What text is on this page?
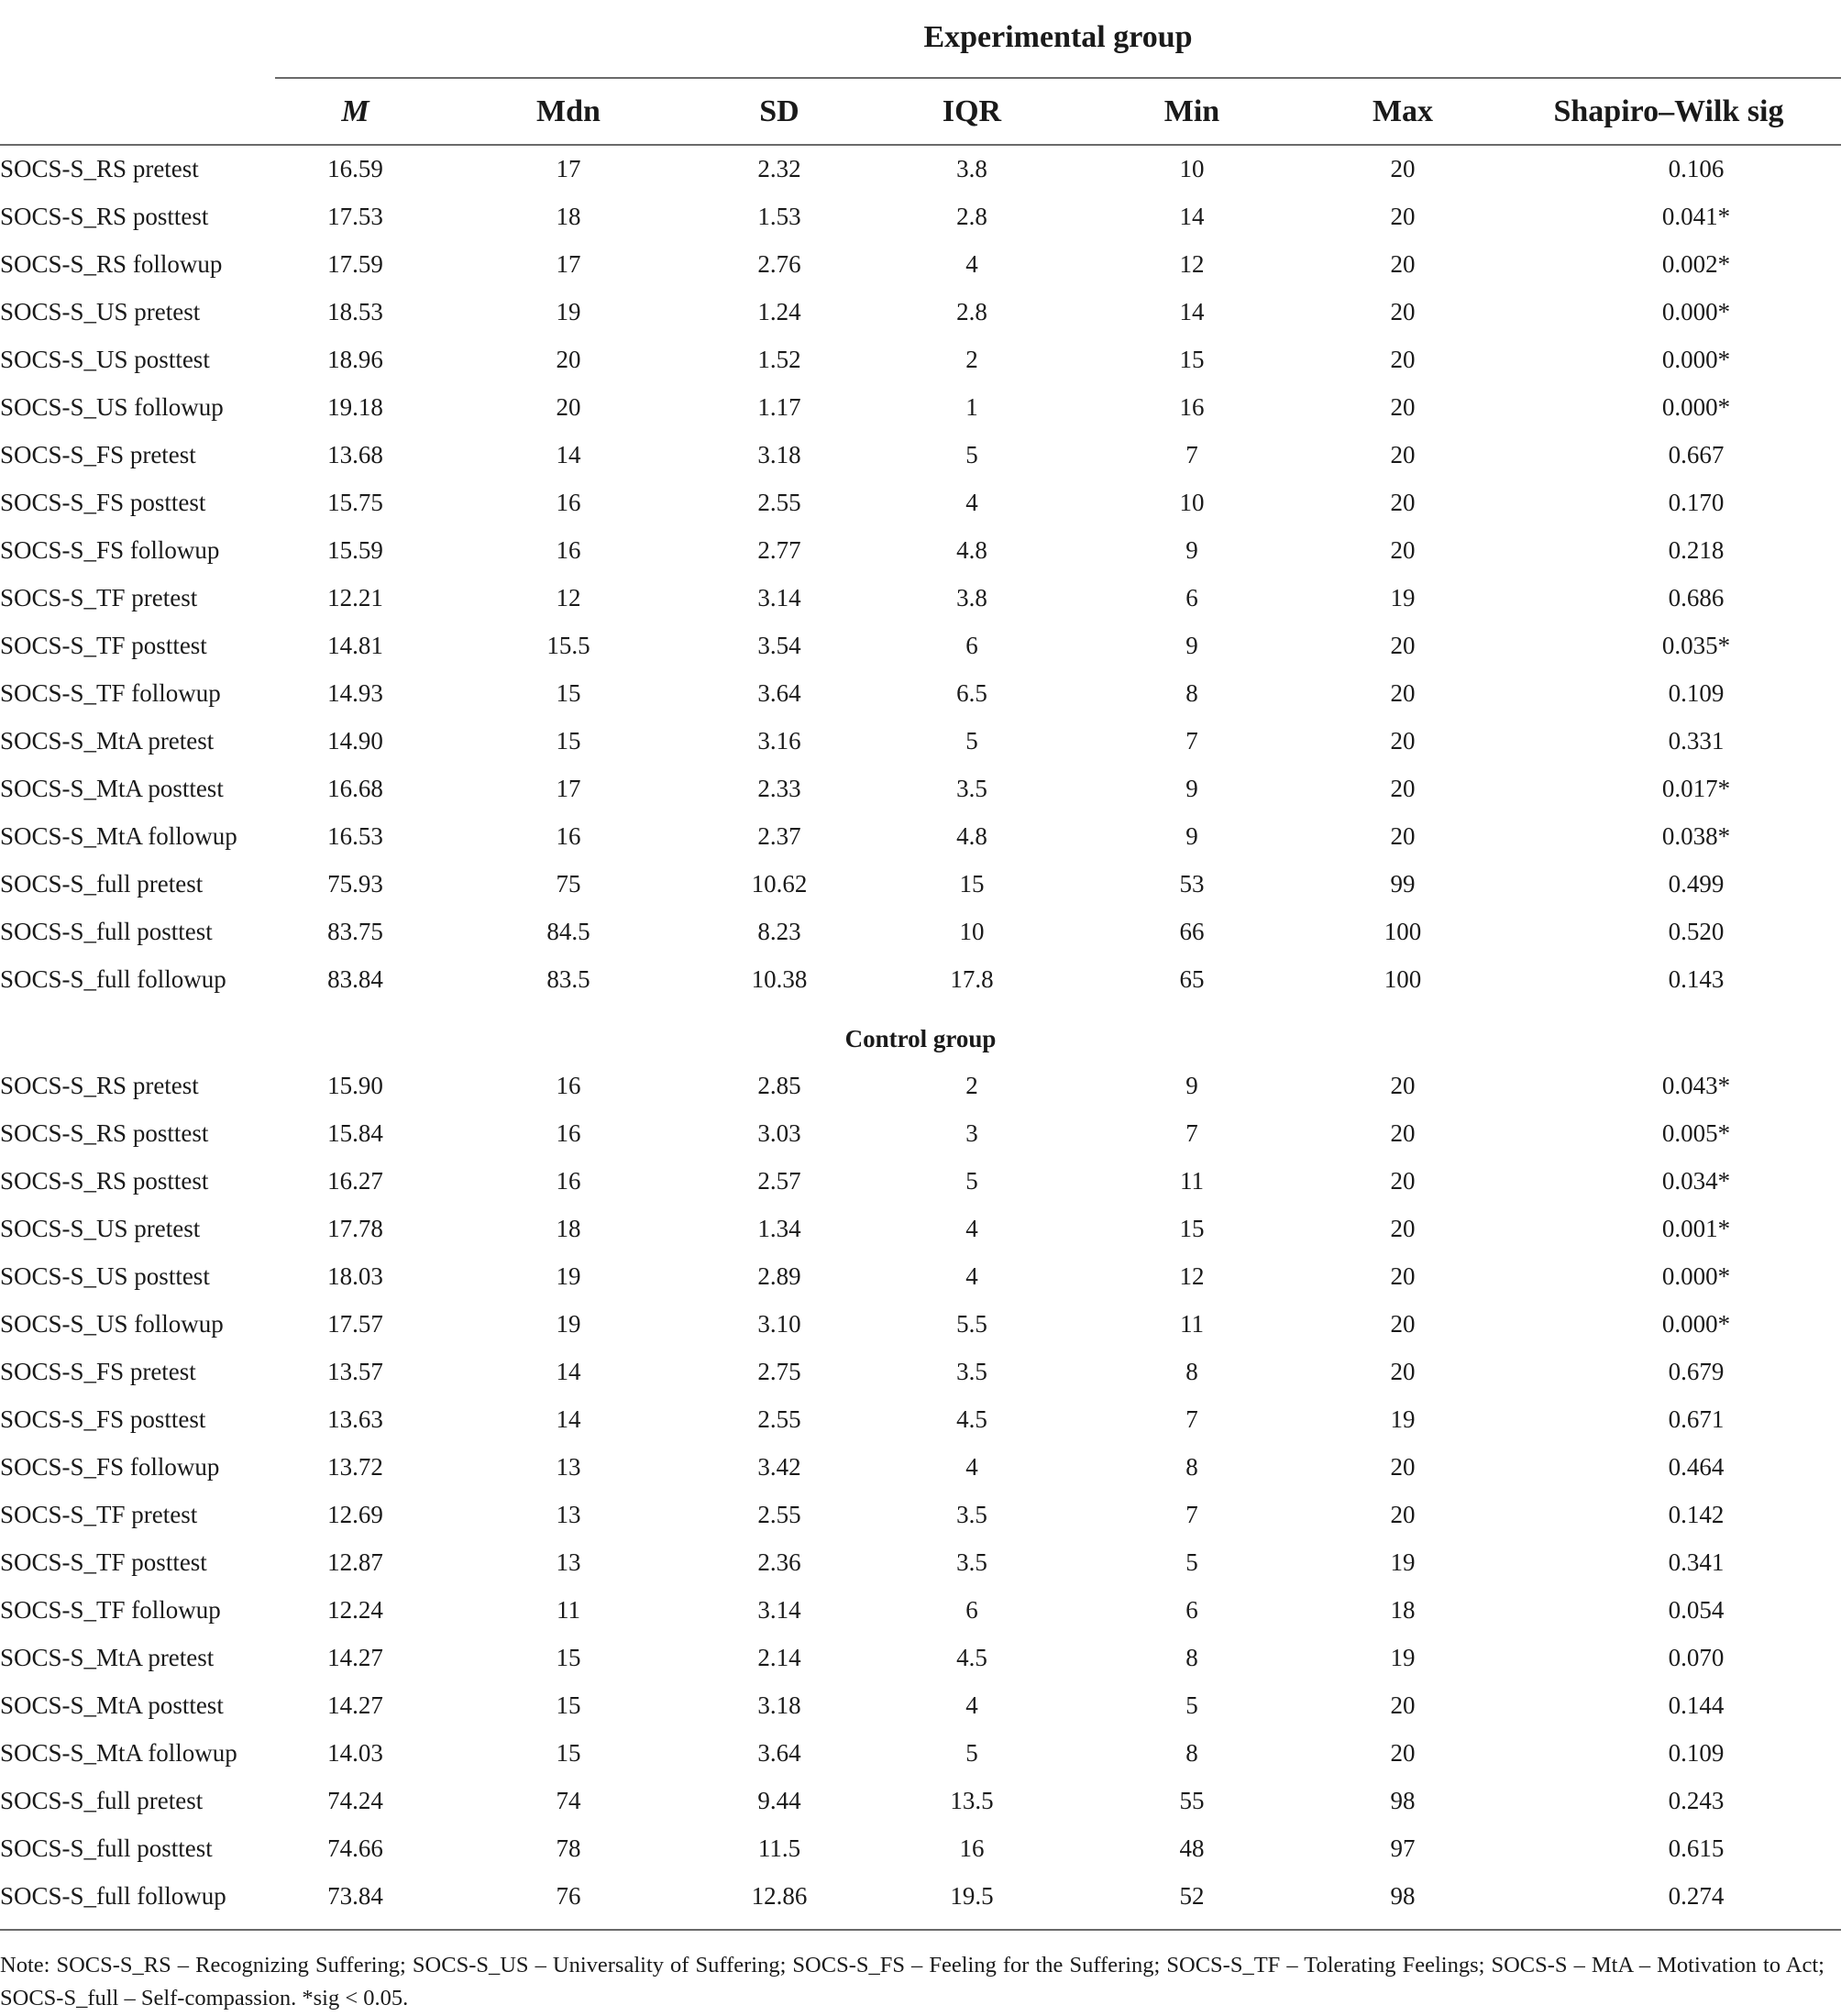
Experimental group
M	Mdn	SD	IQR	Min	Max	Shapiro–Wilk sig
SOCS-S_RS pretest	16.59	17	2.32	3.8	10	20	0.106
SOCS-S_RS posttest	17.53	18	1.53	2.8	14	20	0.041*
SOCS-S_RS followup	17.59	17	2.76	4	12	20	0.002*
SOCS-S_US pretest	18.53	19	1.24	2.8	14	20	0.000*
SOCS-S_US posttest	18.96	20	1.52	2	15	20	0.000*
SOCS-S_US followup	19.18	20	1.17	1	16	20	0.000*
SOCS-S_FS pretest	13.68	14	3.18	5	7	20	0.667
SOCS-S_FS posttest	15.75	16	2.55	4	10	20	0.170
SOCS-S_FS followup	15.59	16	2.77	4.8	9	20	0.218
SOCS-S_TF pretest	12.21	12	3.14	3.8	6	19	0.686
SOCS-S_TF posttest	14.81	15.5	3.54	6	9	20	0.035*
SOCS-S_TF followup	14.93	15	3.64	6.5	8	20	0.109
SOCS-S_MtA pretest	14.90	15	3.16	5	7	20	0.331
SOCS-S_MtA posttest	16.68	17	2.33	3.5	9	20	0.017*
SOCS-S_MtA followup	16.53	16	2.37	4.8	9	20	0.038*
SOCS-S_full pretest	75.93	75	10.62	15	53	99	0.499
SOCS-S_full posttest	83.75	84.5	8.23	10	66	100	0.520
SOCS-S_full followup	83.84	83.5	10.38	17.8	65	100	0.143
Control group
SOCS-S_RS pretest	15.90	16	2.85	2	9	20	0.043*
SOCS-S_RS posttest	15.84	16	3.03	3	7	20	0.005*
SOCS-S_RS posttest	16.27	16	2.57	5	11	20	0.034*
SOCS-S_US pretest	17.78	18	1.34	4	15	20	0.001*
SOCS-S_US posttest	18.03	19	2.89	4	12	20	0.000*
SOCS-S_US followup	17.57	19	3.10	5.5	11	20	0.000*
SOCS-S_FS pretest	13.57	14	2.75	3.5	8	20	0.679
SOCS-S_FS posttest	13.63	14	2.55	4.5	7	19	0.671
SOCS-S_FS followup	13.72	13	3.42	4	8	20	0.464
SOCS-S_TF pretest	12.69	13	2.55	3.5	7	20	0.142
SOCS-S_TF posttest	12.87	13	2.36	3.5	5	19	0.341
SOCS-S_TF followup	12.24	11	3.14	6	6	18	0.054
SOCS-S_MtA pretest	14.27	15	2.14	4.5	8	19	0.070
SOCS-S_MtA posttest	14.27	15	3.18	4	5	20	0.144
SOCS-S_MtA followup	14.03	15	3.64	5	8	20	0.109
SOCS-S_full pretest	74.24	74	9.44	13.5	55	98	0.243
SOCS-S_full posttest	74.66	78	11.5	16	48	97	0.615
SOCS-S_full followup	73.84	76	12.86	19.5	52	98	0.274
Note: SOCS-S_RS – Recognizing Suffering; SOCS-S_US – Universality of Suffering; SOCS-S_FS – Feeling for the Suffering; SOCS-S_TF – Tolerating Feelings; SOCS-S – MtA – Motivation to Act; SOCS-S_full – Self-compassion. *sig < 0.05.
